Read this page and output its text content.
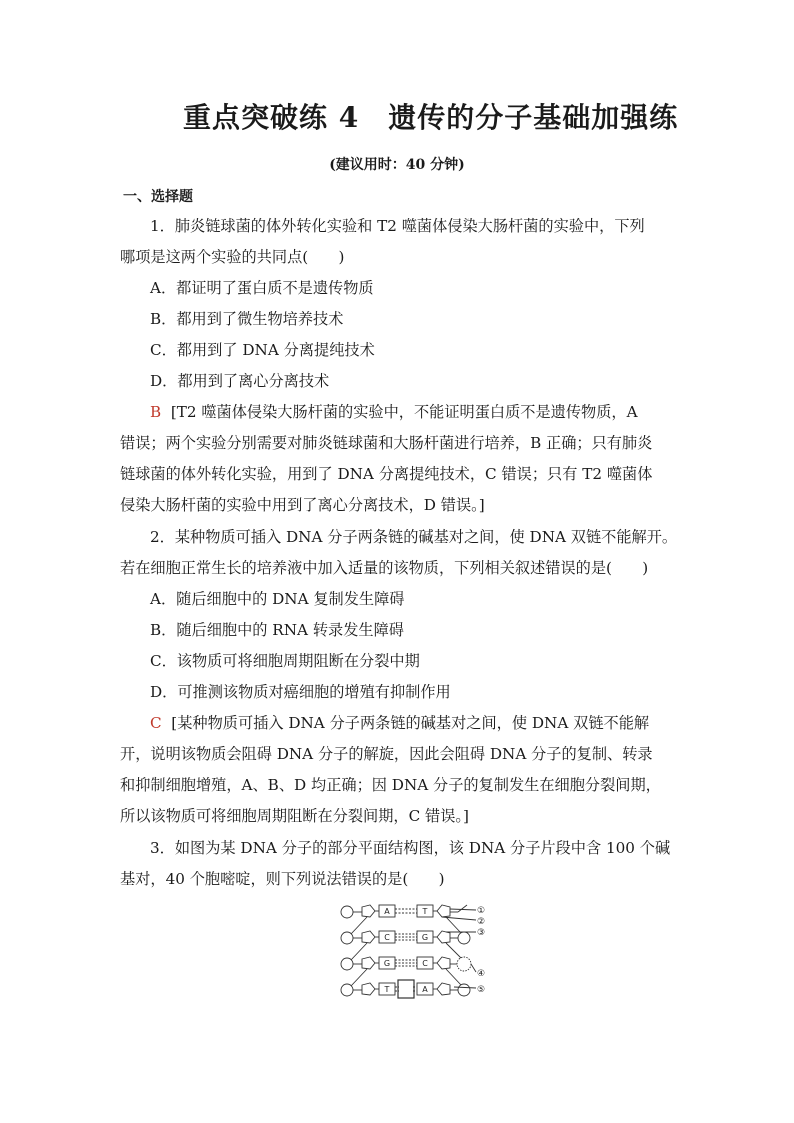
重点突破练 4　遗传的分子基础加强练
(建议用时：40 分钟)
一、选择题
1．肺炎链球菌的体外转化实验和 T2 噬菌体侵染大肠杆菌的实验中，下列
哪项是这两个实验的共同点(　　)
A．都证明了蛋白质不是遗传物质
B．都用到了微生物培养技术
C．都用到了 DNA 分离提纯技术
D．都用到了离心分离技术
B [T2 噬菌体侵染大肠杆菌的实验中，不能证明蛋白质不是遗传物质，A
错误；两个实验分别需要对肺炎链球菌和大肠杆菌进行培养，B 正确；只有肺炎
链球菌的体外转化实验，用到了 DNA 分离提纯技术，C 错误；只有 T2 噬菌体
侵染大肠杆菌的实验中用到了离心分离技术，D 错误。]
2．某种物质可插入 DNA 分子两条链的碱基对之间，使 DNA 双链不能解开。
若在细胞正常生长的培养液中加入适量的该物质，下列相关叙述错误的是(　　)
A．随后细胞中的 DNA 复制发生障碍
B．随后细胞中的 RNA 转录发生障碍
C．该物质可将细胞周期阻断在分裂中期
D．可推测该物质对癌细胞的增殖有抑制作用
C [某种物质可插入 DNA 分子两条链的碱基对之间，使 DNA 双链不能解
开，说明该物质会阻碍 DNA 分子的解旋，因此会阻碍 DNA 分子的复制、转录
和抑制细胞增殖，A、B、D 均正确；因 DNA 分子的复制发生在细胞分裂间期，
所以该物质可将细胞周期阻断在分裂间期，C 错误。]
3．如图为某 DNA 分子的部分平面结构图，该 DNA 分子片段中含 100 个碱
基对，40 个胞嘧啶，则下列说法错误的是(　　)
A
C
G
T
T
G
C
A
①
②
③
④
⑤
